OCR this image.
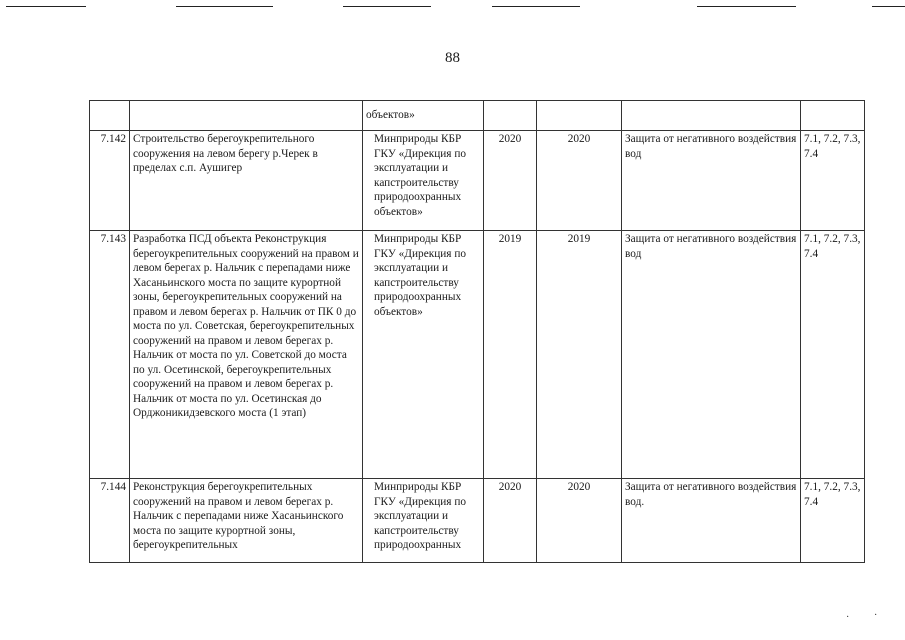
88
		объектов»				
7.142	Строительство берегоукрепительного сооружения на левом берегу р.Черек в пределах с.п. Аушигер	Минприроды КБР ГКУ «Дирекция по эксплуатации и капстроительству природоохранных объектов»	2020	2020	Защита от негативного воздействия вод	7.1, 7.2, 7.3, 7.4
7.143	Разработка ПСД объекта Реконструкция берегоукрепительных сооружений на правом и левом берегах р. Нальчик с перепадами ниже Хасаньинского моста по защите курортной зоны, берегоукрепительных сооружений на правом и левом берегах р. Нальчик от ПК 0 до моста по ул. Советская, берегоукрепительных сооружений на правом и левом берегах р. Нальчик от моста по ул. Советской до моста по ул. Осетинской, берегоукрепительных сооружений на правом и левом берегах р. Нальчик от моста по ул. Осетинская до Орджоникидзевского моста (1 этап)	Минприроды КБР ГКУ «Дирекция по эксплуатации и капстроительству природоохранных объектов»	2019	2019	Защита от негативного воздействия вод	7.1, 7.2, 7.3, 7.4
7.144	Реконструкция берегоукрепительных сооружений на правом и левом берегах р. Нальчик с перепадами ниже Хасаньинского моста по защите курортной зоны, берегоукрепительных	Минприроды КБР ГКУ «Дирекция по эксплуатации и капстроительству природоохранных	2020	2020	Защита от негативного воздействия вод.	7.1, 7.2, 7.3, 7.4
· ·
